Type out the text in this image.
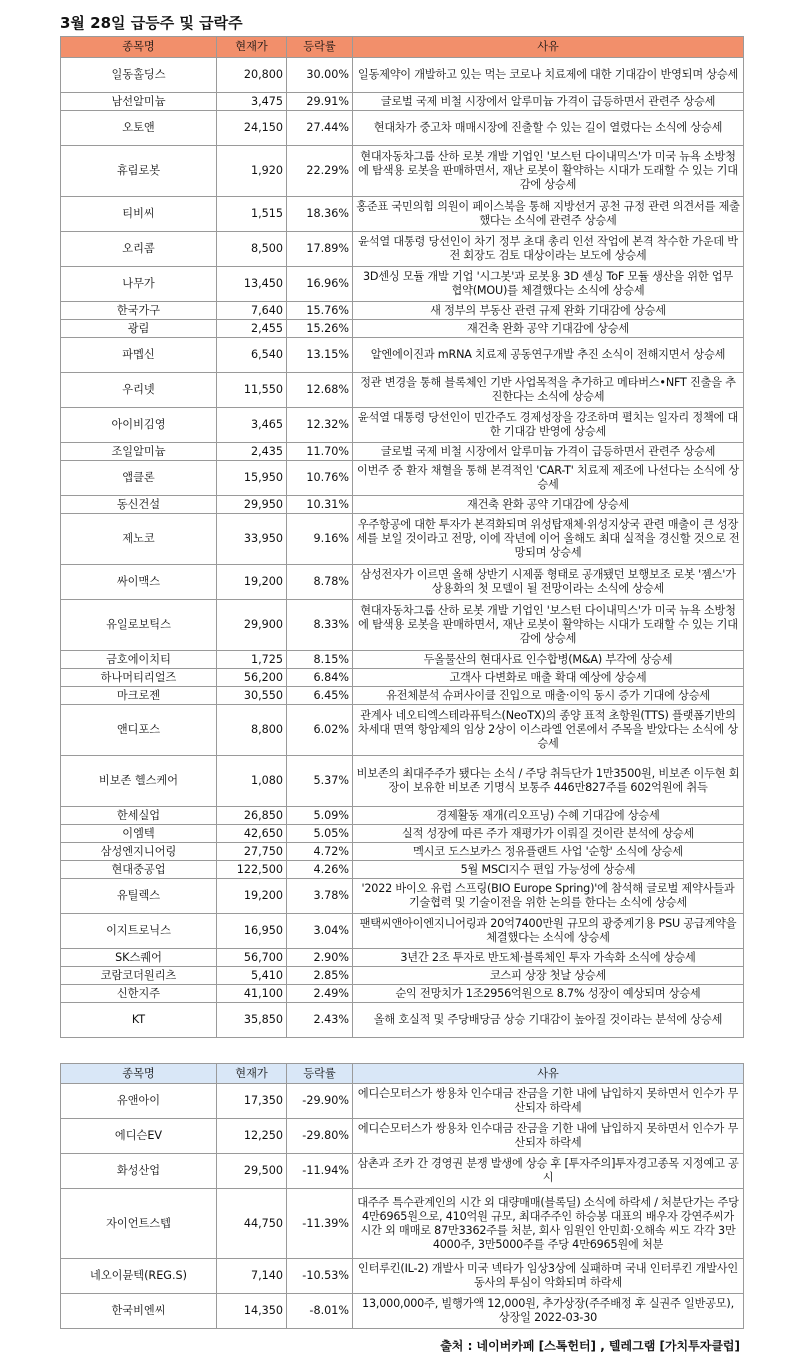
3월 28일 급등주 및 급락주
종목명	현재가	등락률	사유
일동홀딩스	20,800	30.00%	일동제약이 개발하고 있는 먹는 코로나 치료제에 대한 기대감이 반영되며 상승세
남선알미늄	3,475	29.91%	글로벌 국제 비철 시장에서 알루미늄 가격이 급등하면서 관련주 상승세
오토앤	24,150	27.44%	현대차가 중고차 매매시장에 진출할 수 있는 길이 열렸다는 소식에 상승세
휴림로봇	1,920	22.29%	현대자동차그룹 산하 로봇 개발 기업인 '보스턴 다이내믹스'가 미국 뉴욕 소방청에 탐색용 로봇을 판매하면서, 재난 로봇이 활약하는 시대가 도래할 수 있는 기대감에 상승세
티비씨	1,515	18.36%	홍준표 국민의힘 의원이 페이스북을 통해 지방선거 공천 규정 관련 의견서를 제출했다는 소식에 관련주 상승세
오리콤	8,500	17.89%	윤석열 대통령 당선인이 차기 정부 초대 총리 인선 작업에 본격 착수한 가운데 박 전 회장도 검토 대상이라는 보도에 상승세
나무가	13,450	16.96%	3D센싱 모듈 개발 기업 '시그봇'과 로봇용 3D 센싱 ToF 모듈 생산을 위한 업무 협약(MOU)를 체결했다는 소식에 상승세
한국가구	7,640	15.76%	새 정부의 부동산 관련 규제 완화 기대감에 상승세
광림	2,455	15.26%	재건축 완화 공약 기대감에 상승세
파멥신	6,540	13.15%	알엔에이진과 mRNA 치료제 공동연구개발 추진 소식이 전해지면서 상승세
우리넷	11,550	12.68%	정관 변경을 통해 블록체인 기반 사업목적을 추가하고 메타버스•NFT 진출을 추진한다는 소식에 상승세
아이비김영	3,465	12.32%	윤석열 대통령 당선인이 민간주도 경제성장을 강조하며 펼치는 일자리 정책에 대한 기대감 반영에 상승세
조일알미늄	2,435	11.70%	글로벌 국제 비철 시장에서 알루미늄 가격이 급등하면서 관련주 상승세
앱클론	15,950	10.76%	이번주 중 환자 채혈을 통해 본격적인 'CAR-T' 치료제 제조에 나선다는 소식에 상승세
동신건설	29,950	10.31%	재건축 완화 공약 기대감에 상승세
제노코	33,950	9.16%	우주항공에 대한 투자가 본격화되며 위성탑재체·위성지상국 관련 매출이 큰 성장세를 보일 것이라고 전망, 이에 작년에 이어 올해도 최대 실적을 경신할 것으로 전망되며 상승세
싸이맥스	19,200	8.78%	삼성전자가 이르면 올해 상반기 시제품 형태로 공개됐던 보행보조 로봇 '젬스'가 상용화의 첫 모델이 될 전망이라는 소식에 상승세
유일로보틱스	29,900	8.33%	현대자동차그룹 산하 로봇 개발 기업인 '보스턴 다이내믹스'가 미국 뉴욕 소방청에 탐색용 로봇을 판매하면서, 재난 로봇이 활약하는 시대가 도래할 수 있는 기대감에 상승세
금호에이치티	1,725	8.15%	두올물산의 현대사료 인수합병(M&A) 부각에 상승세
하나머티리얼즈	56,200	6.84%	고객사 다변화로 매출 확대 예상에 상승세
마크로젠	30,550	6.45%	유전체분석 슈퍼사이클 진입으로 매출·이익 동시 증가 기대에 상승세
앤디포스	8,800	6.02%	관계사 네오티엑스테라퓨틱스(NeoTX)의 종양 표적 초항원(TTS) 플랫폼기반의 차세대 면역 항암제의 임상 2상이 이스라엘 언론에서 주목을 받았다는 소식에 상승세
비보존 헬스케어	1,080	5.37%	비보존의 최대주주가 됐다는 소식 / 주당 취득단가 1만3500원, 비보존 이두현 회장이 보유한 비보존 기명식 보통주 446만827주를 602억원에 취득
한세실업	26,850	5.09%	경제활동 재개(리오프닝) 수혜 기대감에 상승세
이엠텍	42,650	5.05%	실적 성장에 따른 주가 재평가가 이뤄질 것이란 분석에 상승세
삼성엔지니어링	27,750	4.72%	멕시코 도스보카스 정유플랜트 사업 '순항' 소식에 상승세
현대중공업	122,500	4.26%	5월 MSCI지수 편입 가능성에 상승세
유틸렉스	19,200	3.78%	'2022 바이오 유럽 스프링(BIO Europe Spring)'에 참석해 글로벌 제약사들과 기술협력 및 기술이전을 위한 논의를 한다는 소식에 상승세
이지트로닉스	16,950	3.04%	팬택씨앤아이엔지니어링과 20억7400만원 규모의 광중계기용 PSU 공급계약을 체결했다는 소식에 상승세
SK스퀘어	56,700	2.90%	3년간 2조 투자로 반도체·블록체인 투자 가속화 소식에 상승세
코람코더원리츠	5,410	2.85%	코스피 상장 첫날 상승세
신한지주	41,100	2.49%	순익 전망치가 1조2956억원으로 8.7% 성장이 예상되며 상승세
KT	35,850	2.43%	올해 호실적 및 주당배당금 상승 기대감이 높아질 것이라는 분석에 상승세
종목명	현재가	등락률	사유
유앤아이	17,350	-29.90%	에디슨모터스가 쌍용차 인수대금 잔금을 기한 내에 납입하지 못하면서 인수가 무산되자 하락세
에디슨EV	12,250	-29.80%	에디슨모터스가 쌍용차 인수대금 잔금을 기한 내에 납입하지 못하면서 인수가 무산되자 하락세
화성산업	29,500	-11.94%	삼촌과 조카 간 경영권 분쟁 발생에 상승 후 [투자주의]투자경고종목 지정예고 공시
자이언트스텝	44,750	-11.39%	대주주 특수관계인의 시간 외 대량매매(블록딜) 소식에 하락세 / 처분단가는 주당 4만6965원으로, 410억원 규모, 최대주주인 하승봉 대표의 배우자 강연주씨가 시간 외 매매로 87만3362주를 처분, 회사 임원인 안민희·오해속 씨도 각각 3만4000주, 3만5000주를 주당 4만6965원에 처분
네오이뮨텍(REG.S)	7,140	-10.53%	인터루킨(IL-2) 개발사 미국 넥타가 임상3상에 실패하며 국내 인터루킨 개발사인 동사의 투심이 악화되며 하락세
한국비엔씨	14,350	-8.01%	13,000,000주, 빌행가액 12,000원, 추가상장(주주배정 후 실권주 일반공모), 상장일 2022-03-30
출처 : 네이버카페 [스톡헌터] , 텔레그램 [가치투자클럽]
